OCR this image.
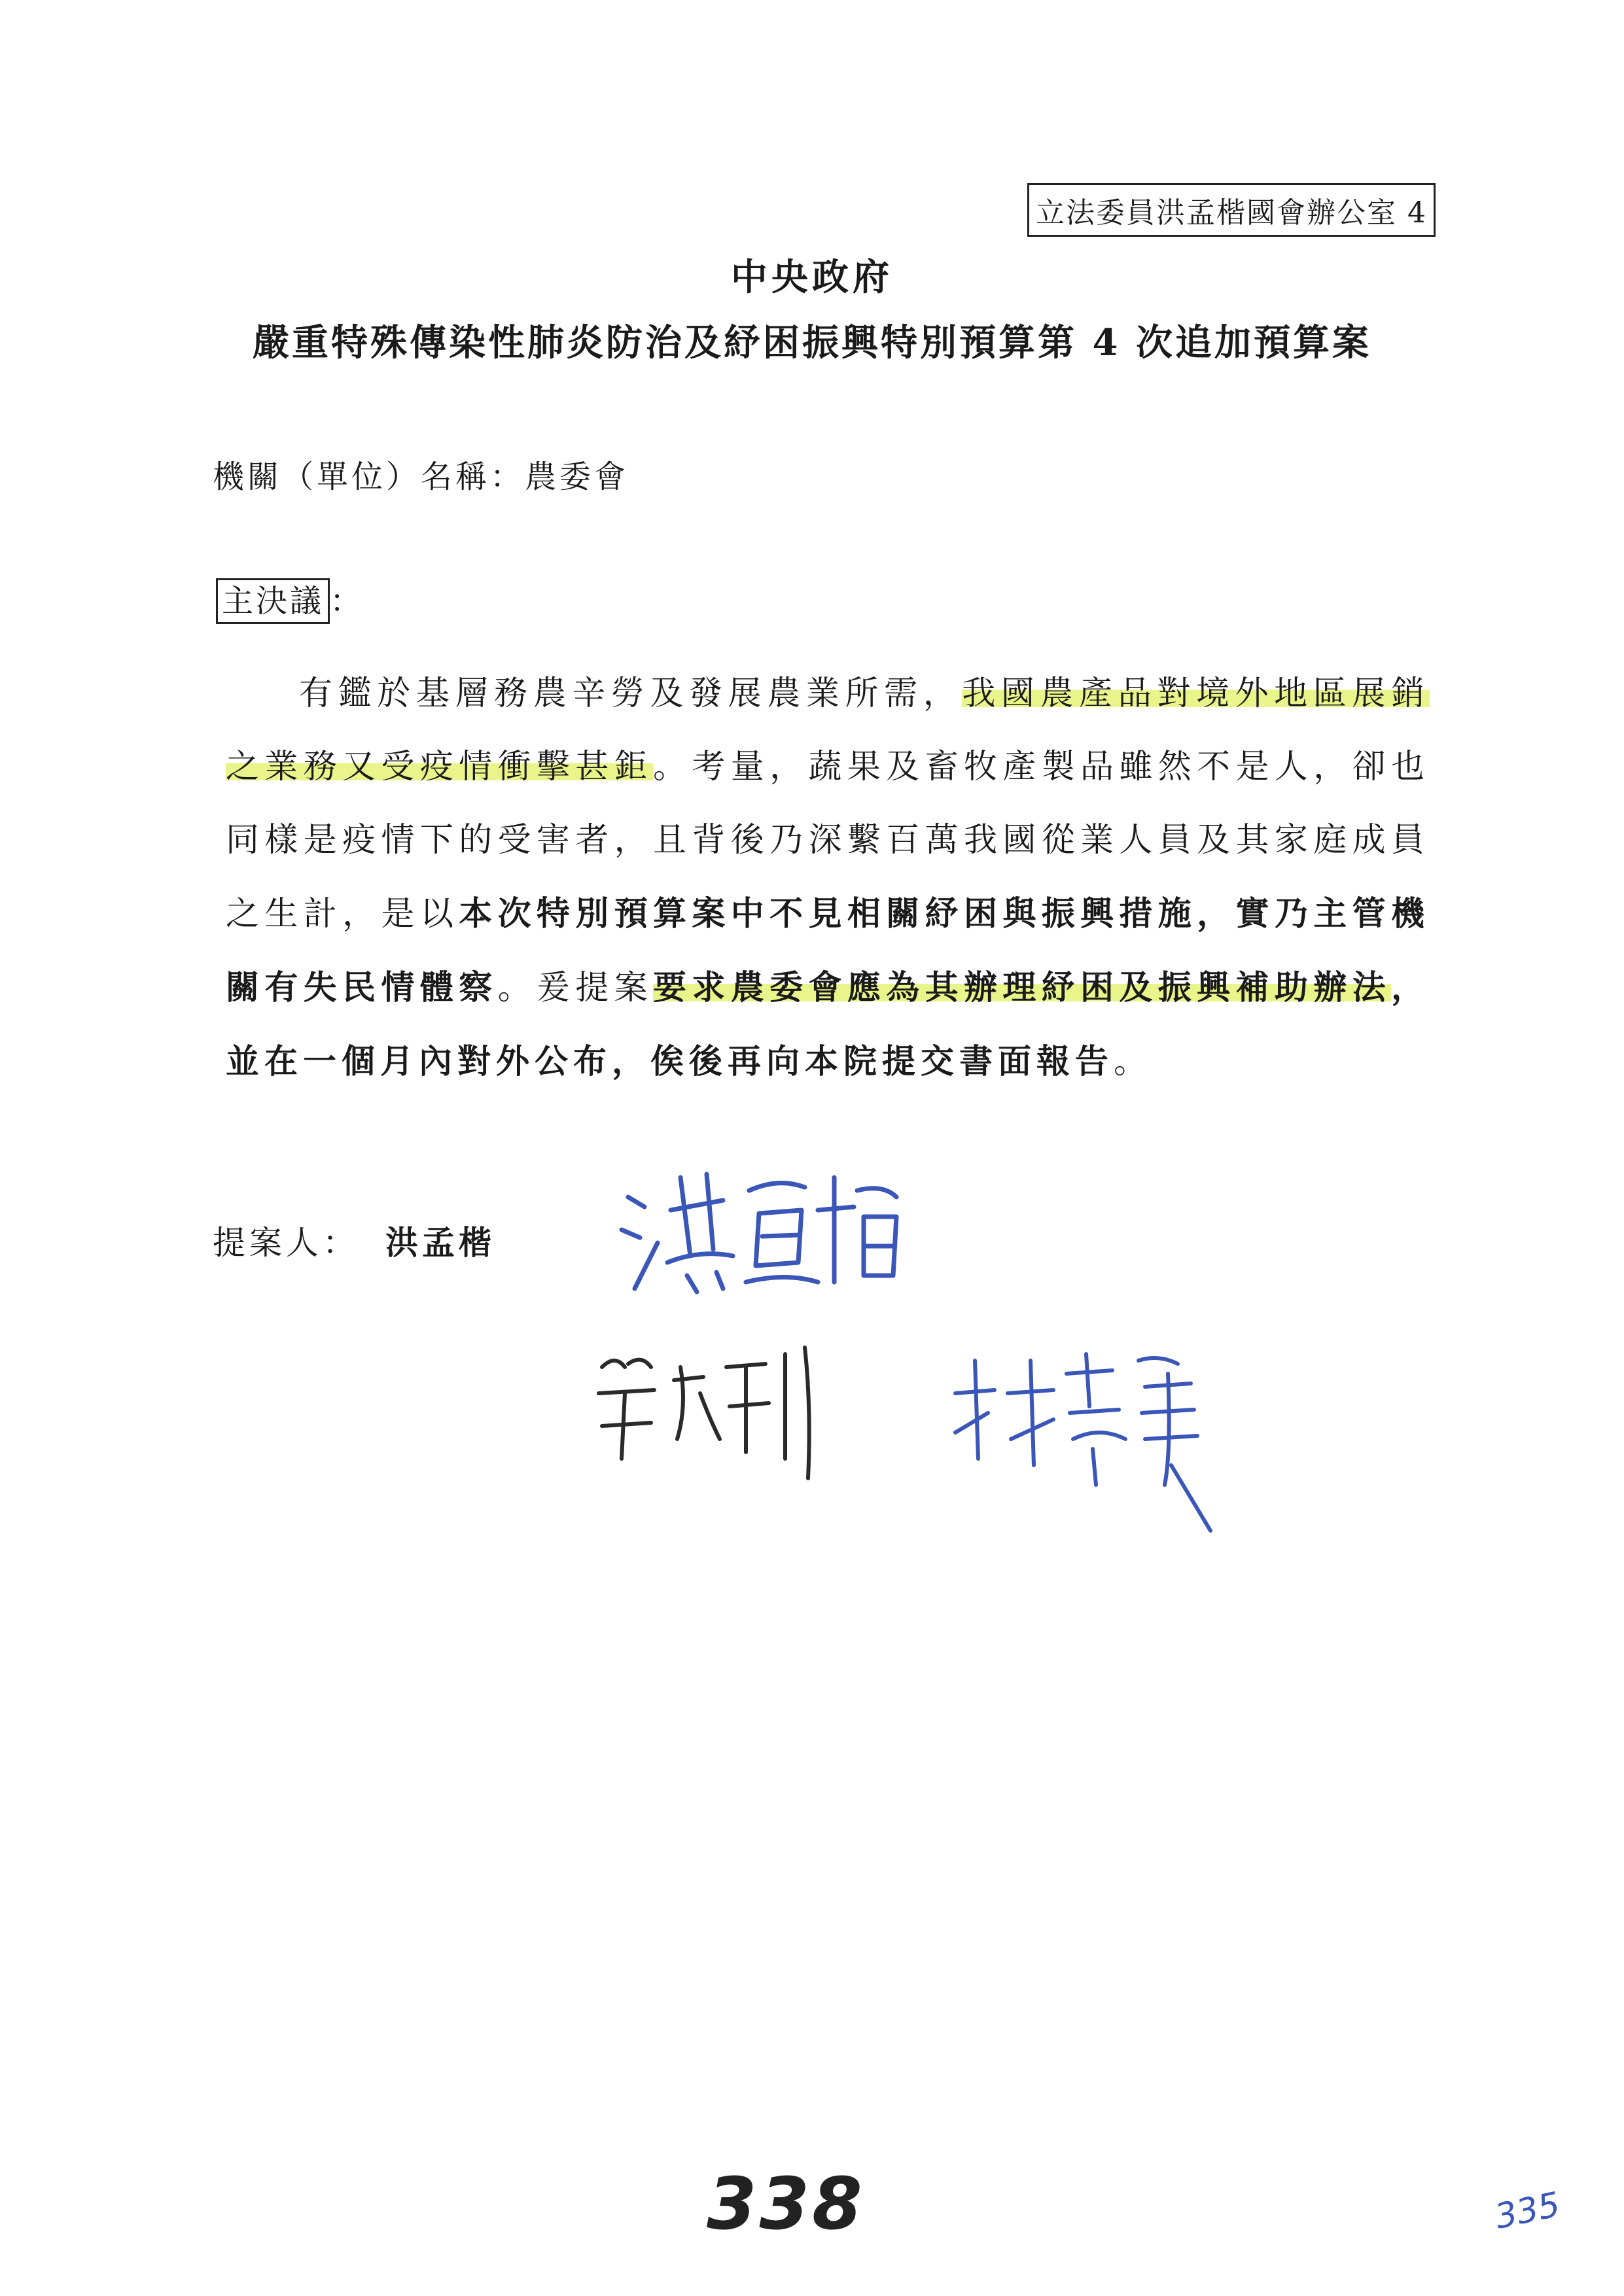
立法委員洪孟楷國會辦公室 4
中央政府
嚴重特殊傳染性肺炎防治及紓困振興特別預算第 4 次追加預算案
機關（單位）名稱：農委會
主決議 ：
有鑑於基層務農辛勞及發展農業所需，我國農產品對境外地區展銷之業務又受疫情衝擊甚鉅。考量，蔬果及畜牧產製品雖然不是人，卻也同樣是疫情下的受害者，且背後乃深繫百萬我國從業人員及其家庭成員之生計，是以本次特別預算案中不見相關紓困與振興措施，實乃主管機關有失民情體察。爰提案要求農委會應為其辦理紓困及振興補助辦法，並在一個月內對外公布，俟後再向本院提交書面報告。
提案人： 洪孟楷
338	335
